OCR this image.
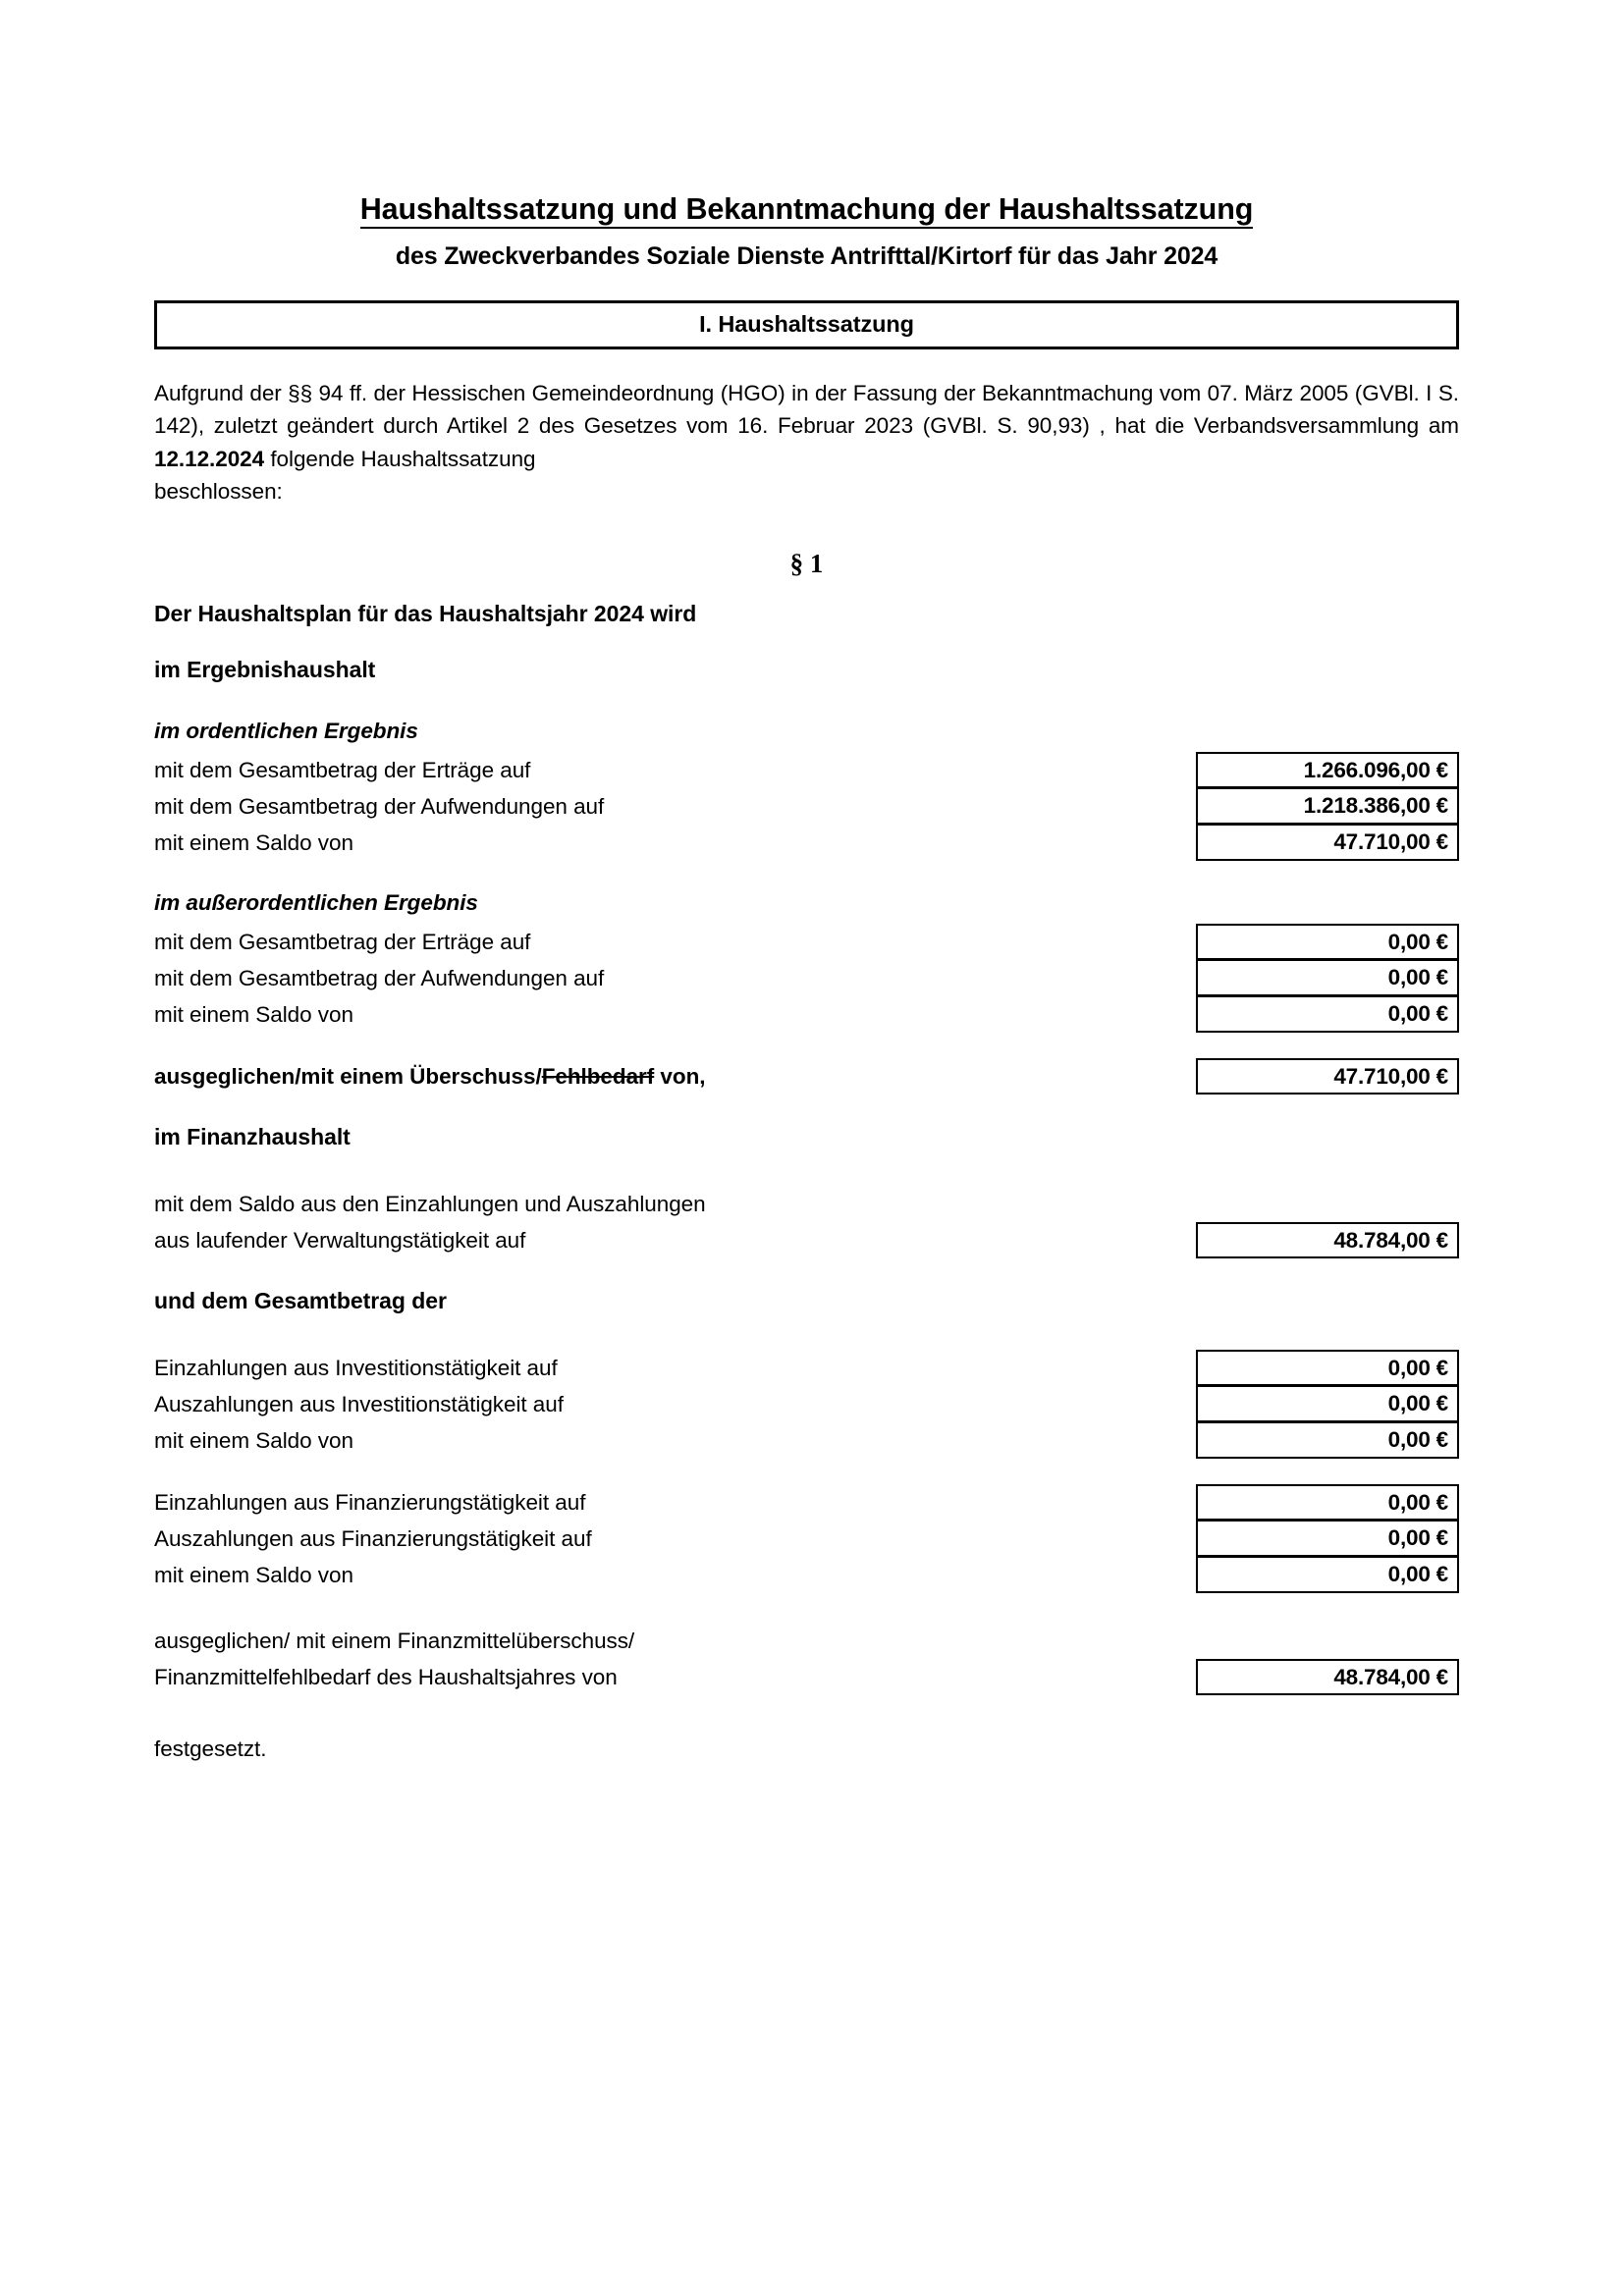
Haushaltssatzung und Bekanntmachung der Haushaltssatzung
des Zweckverbandes Soziale Dienste Antrifttal/Kirtorf für das Jahr 2024
I. Haushaltssatzung
Aufgrund der §§ 94 ff. der Hessischen Gemeindeordnung (HGO) in der Fassung der Bekanntmachung vom 07. März 2005 (GVBl. I S. 142), zuletzt geändert durch Artikel 2 des Gesetzes vom 16. Februar 2023 (GVBl. S. 90,93) , hat die Verbandsversammlung am 12.12.2024 folgende Haushaltssatzung
beschlossen:
§ 1
Der Haushaltsplan für das Haushaltsjahr 2024 wird
im Ergebnishaushalt
im ordentlichen Ergebnis
mit dem Gesamtbetrag der Erträge auf	1.266.096,00 €
mit dem Gesamtbetrag der Aufwendungen auf	1.218.386,00 €
mit einem Saldo von	47.710,00 €
im außerordentlichen Ergebnis
mit dem Gesamtbetrag der Erträge auf	0,00 €
mit dem Gesamtbetrag der Aufwendungen auf	0,00 €
mit einem Saldo von	0,00 €
ausgeglichen/mit einem Überschuss/Fehlbedarf von,	47.710,00 €
im Finanzhaushalt
mit dem Saldo aus den Einzahlungen und Auszahlungen
aus laufender Verwaltungstätigkeit auf	48.784,00 €
und dem Gesamtbetrag der
Einzahlungen aus Investitionstätigkeit auf	0,00 €
Auszahlungen aus Investitionstätigkeit auf	0,00 €
mit einem Saldo von	0,00 €
Einzahlungen aus Finanzierungstätigkeit auf	0,00 €
Auszahlungen aus Finanzierungstätigkeit auf	0,00 €
mit einem Saldo von	0,00 €
ausgeglichen/ mit einem Finanzmittelüberschuss/
Finanzmittelfehlbedarf des Haushaltsjahres von	48.784,00 €
festgesetzt.
